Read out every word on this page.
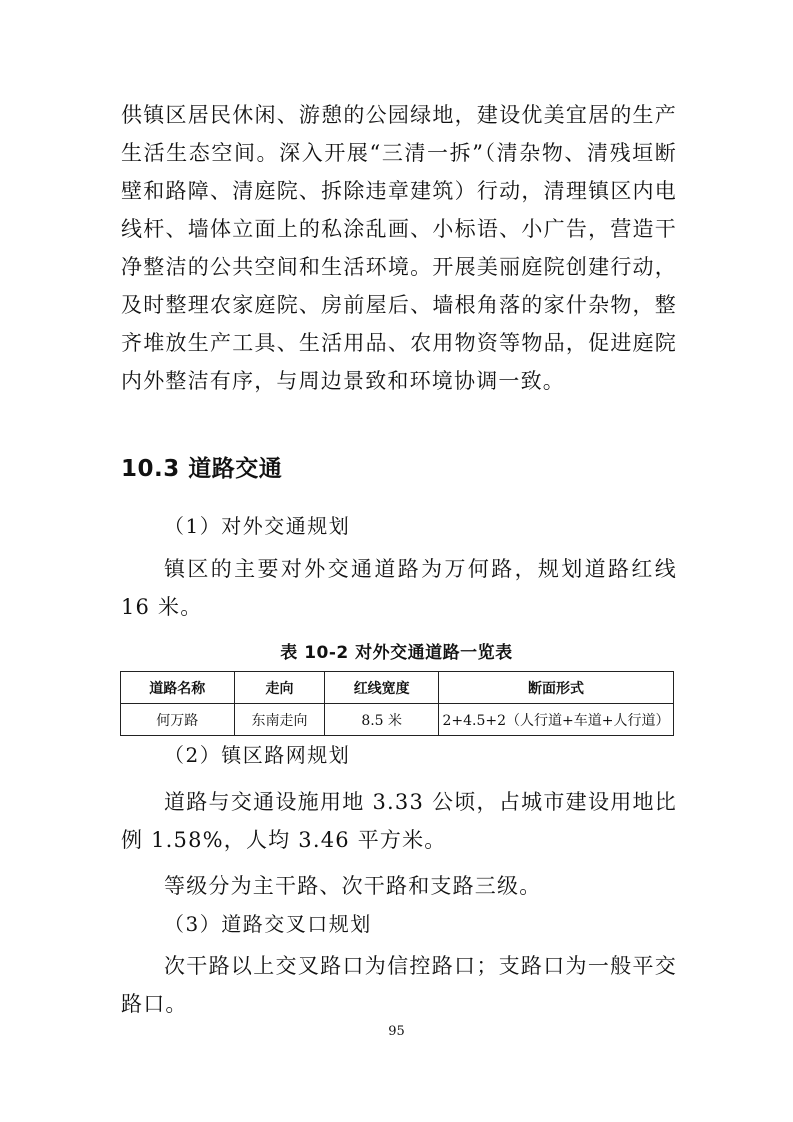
供镇区居民休闲、游憩的公园绿地，建设优美宜居的生产生活生态空间。深入开展“三清一拆”（清杂物、清残垣断壁和路障、清庭院、拆除违章建筑）行动，清理镇区内电线杆、墙体立面上的私涂乱画、小标语、小广告，营造干净整洁的公共空间和生活环境。开展美丽庭院创建行动，及时整理农家庭院、房前屋后、墙根角落的家什杂物，整齐堆放生产工具、生活用品、农用物资等物品，促进庭院内外整洁有序，与周边景致和环境协调一致。

10.3 道路交通

（1）对外交通规划

镇区的主要对外交通道路为万何路，规划道路红线 16 米。

表 10-2 对外交通道路一览表

道路名称	走向	红线宽度	断面形式
何万路	东南走向	8.5 米	2+4.5+2（人行道+车道+人行道）

（2）镇区路网规划

道路与交通设施用地 3.33 公顷，占城市建设用地比例 1.58%，人均 3.46 平方米。

等级分为主干路、次干路和支路三级。

（3）道路交叉口规划

次干路以上交叉路口为信控路口；支路口为一般平交路口。

95
